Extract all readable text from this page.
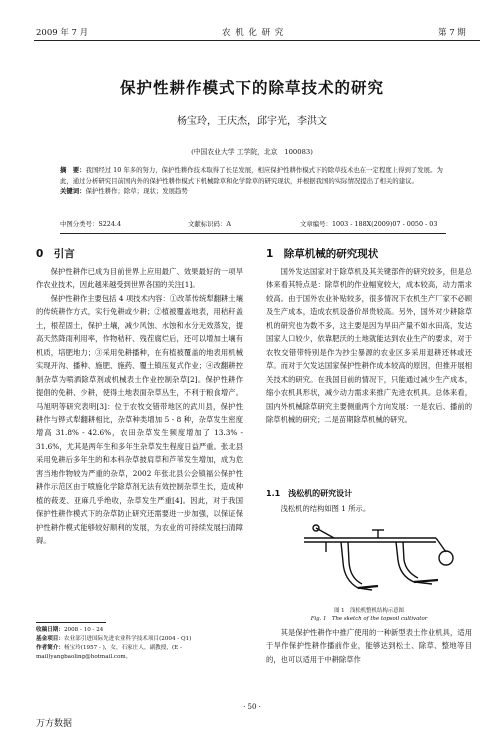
2009 年 7 月	农 机 化 研 究	第 7 期
保护性耕作模式下的除草技术的研究
杨宝玲，王庆杰，邱宇光，李洪文
(中国农业大学 工学院，北京　100083)
摘　要：我国经过 10 年多的努力，保护性耕作技术取得了长足发展，相应保护性耕作模式下的除草技术也在一定程度上得到了发展。为此，通过分析研究目前国内外的保护性耕作模式下机械除草和化学除草的研究现状，并根据我国的实际情况提出了相关的建议。
关键词：保护性耕作；除草；现状；发展趋势
中图分类号：S224.4	文献标识码：A	文章编号：1003 - 188X(2009)07 - 0050 - 03
0　引言

保护性耕作已成为目前世界上应用最广、效果最好的一项旱作农业技术，因此越来越受到世界各国的关注[1]。

保护性耕作主要包括 4 项技术内容：①改革传统犁翻耕土壤的传统耕作方式，实行免耕或少耕；②植被覆盖地表，用秸秆盖土，根茬固土，保护土壤，减少风蚀、水蚀和水分无效蒸发，提高天然降雨利用率，作物秸秆、残茬腐烂后，还可以增加土壤有机质，培肥地力；③采用免耕播种，在有植被覆盖的地表用机械实现开沟、播种、施肥、施药、覆土镇压复式作业；④改翻耕控制杂草为喷洒除草剂或机械表土作业控制杂草[2]。保护性耕作提倡的免耕、少耕，使得土地表面杂草丛生，不利于粮食增产。马旭明等研究表明[3]：位于农牧交错带地区的武川县，保护性耕作与铧式犁翻耕相比，杂草种类增加 5 - 8 种，杂草发生密度增高 31.8% - 42.6%，农田杂草发生频度增加了 13.3% - 31.6%，尤其是两年生和多年生杂草发生程度日益严重。张北县采用免耕后多年生的和本科杂草披肩草和芦苇发生增加，成为危害当地作物较为严重的杂草，2002 年张北县公会镇福公保护性耕作示范区由于喷施化学除草剂无法有效控制杂草生长，造成种植的莜麦、亚麻几乎绝收，杂草发生严重[4]。因此，对于我国保护性耕作模式下的杂草防止研究还需要进一步加强，以保证保护性耕作模式能够较好顺利的发展，为农业的可持续发展扫清障碍。

收稿日期：2008 - 10 - 24
基金项目：农业部引进国际先进农业科学技术项目(2004 - Q1)
作者简介：杨宝玲(1957 - )，女，石家庄人，副教授，(E - mail)yangbaoling@hotmail.com。
1　除草机械的研究现状

国外发达国家对于除草机及其关键部件的研究较多，但是总体来看其特点是：除草机的作业幅宽较大，成本较高，动力需求较高。由于国外农业补贴较多，很多情况下农机生产厂家不必顾及生产成本，造成农机设备价昂贵较高。另外，国外对少耕除草机的研究也为数不多，这主要是因为旱田产量不如水田高，发达国家人口较少，依靠肥沃的土地就能达到农业生产的要求，对于农牧交错带特别是作为抄尘暴源的农业区多采用退耕还林或还草。而对于欠发达国家保护性耕作成本较高的原因，但推开展相关技术的研究。在我国目前的情况下，只能通过减少生产成本，缩小农机具形状，减少动力需求来推广先进农机具。总体来看，国内外机械除草研究主要侧重两个方向发展：一是农后、播前的除草机械的研究；二是苗期除草机械的研究。

1.1　浅松机的研究设计

浅松机的结构如图 1 所示。

图 1　浅松机整机结构示意图
Fig. 1　The sketch of the topsoil cultivator

其是保护性耕作中推广使用的一种新型表土作业机具，适用于旱作保护性耕作播前作业，能够达到松土、除草、整地等目的，也可以适用于中耕除草作

· 50 ·
万方数据
